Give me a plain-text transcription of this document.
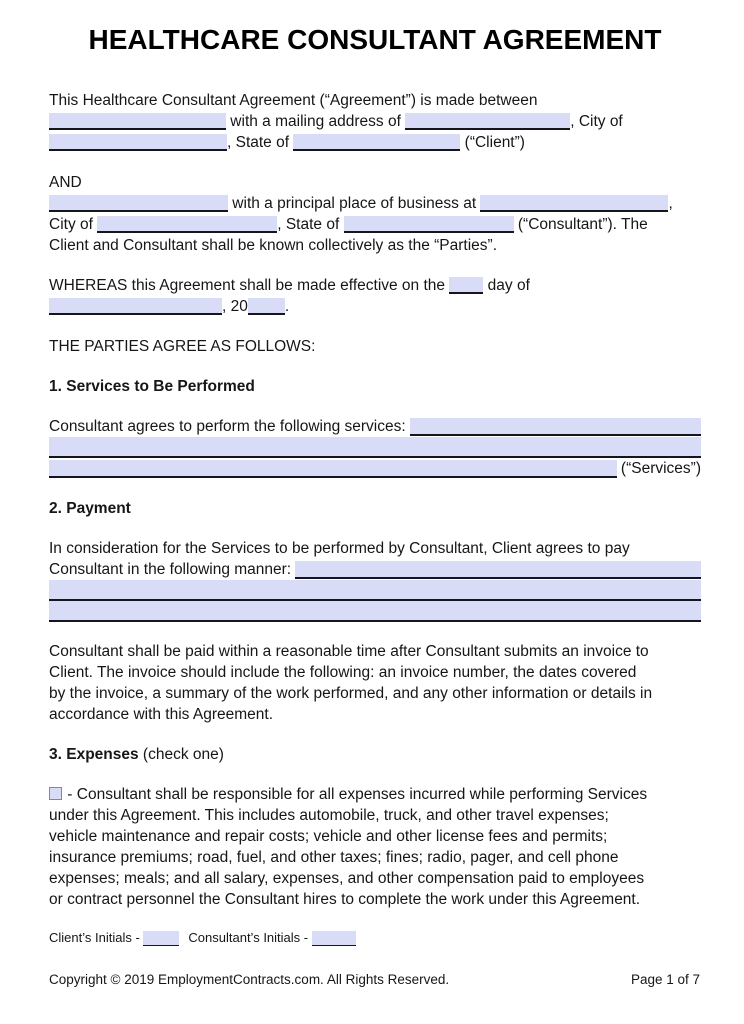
HEALTHCARE CONSULTANT AGREEMENT
This Healthcare Consultant Agreement (“Agreement”) is made between
with a mailing address of	, City of
, State of	(“Client”)
AND
with a principal place of business at	,
City of	, State of	(“Consultant”). The
Client and Consultant shall be known collectively as the “Parties”.
WHEREAS this Agreement shall be made effective on the  day of
, 20 .
THE PARTIES AGREE AS FOLLOWS:
1. Services to Be Performed
Consultant agrees to perform the following services:
(“Services”)
2. Payment
In consideration for the Services to be performed by Consultant, Client agrees to pay
Consultant in the following manner:
Consultant shall be paid within a reasonable time after Consultant submits an invoice to
Client. The invoice should include the following: an invoice number, the dates covered
by the invoice, a summary of the work performed, and any other information or details in
accordance with this Agreement.
3. Expenses (check one)
- Consultant shall be responsible for all expenses incurred while performing Services
under this Agreement. This includes automobile, truck, and other travel expenses;
vehicle maintenance and repair costs; vehicle and other license fees and permits;
insurance premiums; road, fuel, and other taxes; fines; radio, pager, and cell phone
expenses; meals; and all salary, expenses, and other compensation paid to employees
or contract personnel the Consultant hires to complete the work under this Agreement.
Client’s Initials -	Consultant’s Initials -
Copyright © 2019 EmploymentContracts.com. All Rights Reserved.	Page 1 of 7
